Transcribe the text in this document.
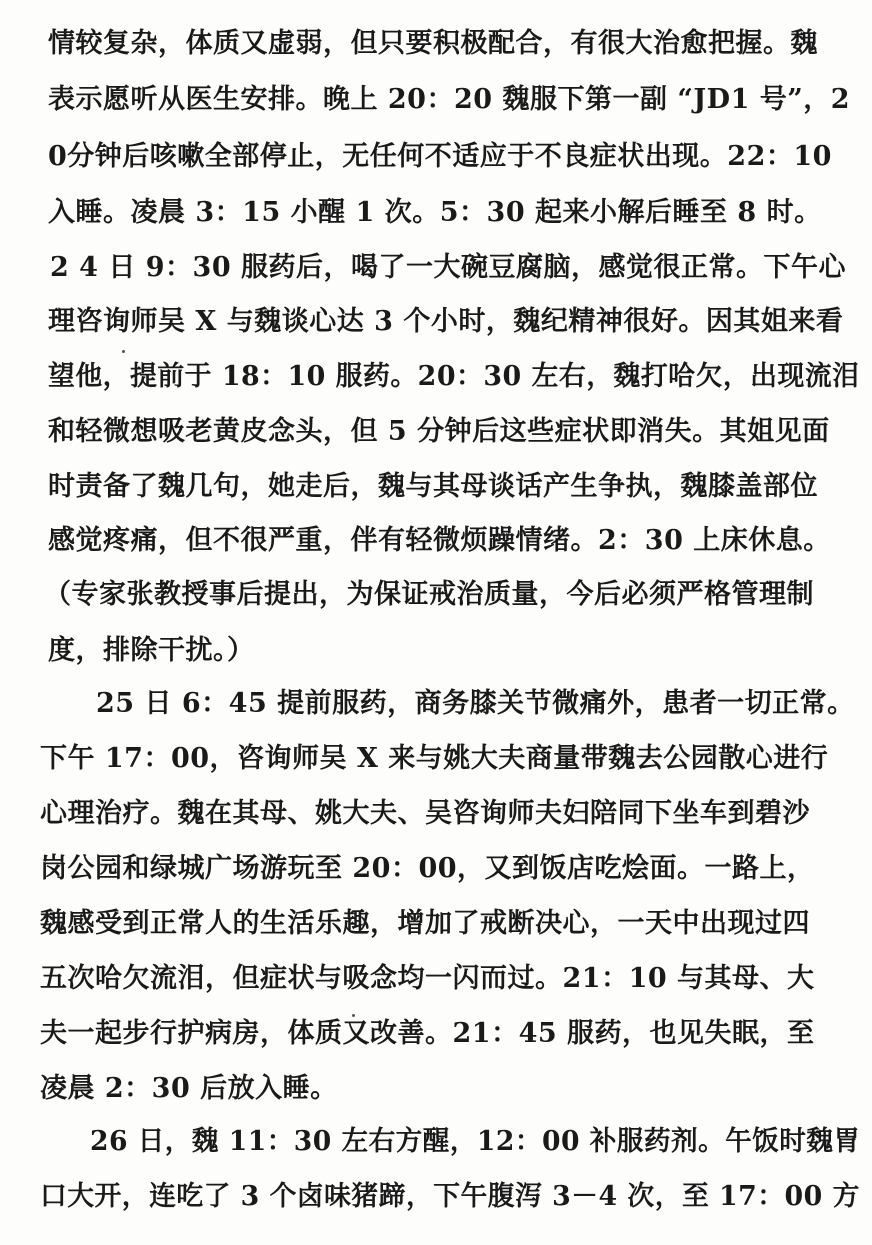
情较复杂，体质又虚弱，但只要积极配合，有很大治愈把握。魏
表示愿听从医生安排。晚上 20：20 魏服下第一副 “JD1 号”，2
0分钟后咳嗽全部停止，无任何不适应于不良症状出现。22：10
入睡。凌晨 3：15 小醒 1 次。5：30 起来小解后睡至 8 时。
2 4 日 9：30 服药后，喝了一大碗豆腐脑，感觉很正常。下午心
理咨询师吴 X 与魏谈心达 3 个小时，魏纪精神很好。因其姐来看
望他，提前于 18：10 服药。20：30 左右，魏打哈欠，出现流泪
和轻微想吸老黄皮念头，但 5 分钟后这些症状即消失。其姐见面
时责备了魏几句，她走后，魏与其母谈话产生争执，魏膝盖部位
感觉疼痛，但不很严重，伴有轻微烦躁情绪。2：30 上床休息。
（专家张教授事后提出，为保证戒治质量，今后必须严格管理制
度，排除干扰。）
25 日 6：45 提前服药，商务膝关节微痛外，患者一切正常。
下午 17：00，咨询师吴 X 来与姚大夫商量带魏去公园散心进行
心理治疗。魏在其母、姚大夫、吴咨询师夫妇陪同下坐车到碧沙
岗公园和绿城广场游玩至 20：00，又到饭店吃烩面。一路上，
魏感受到正常人的生活乐趣，增加了戒断决心，一天中出现过四
五次哈欠流泪，但症状与吸念均一闪而过。21：10 与其母、大
夫一起步行护病房，体质又改善。21：45 服药，也见失眠，至
凌晨 2：30 后放入睡。
26 日，魏 11：30 左右方醒，12：00 补服药剂。午饭时魏胃
口大开，连吃了 3 个卤味猪蹄，下午腹泻 3－4 次，至 17：00 方
